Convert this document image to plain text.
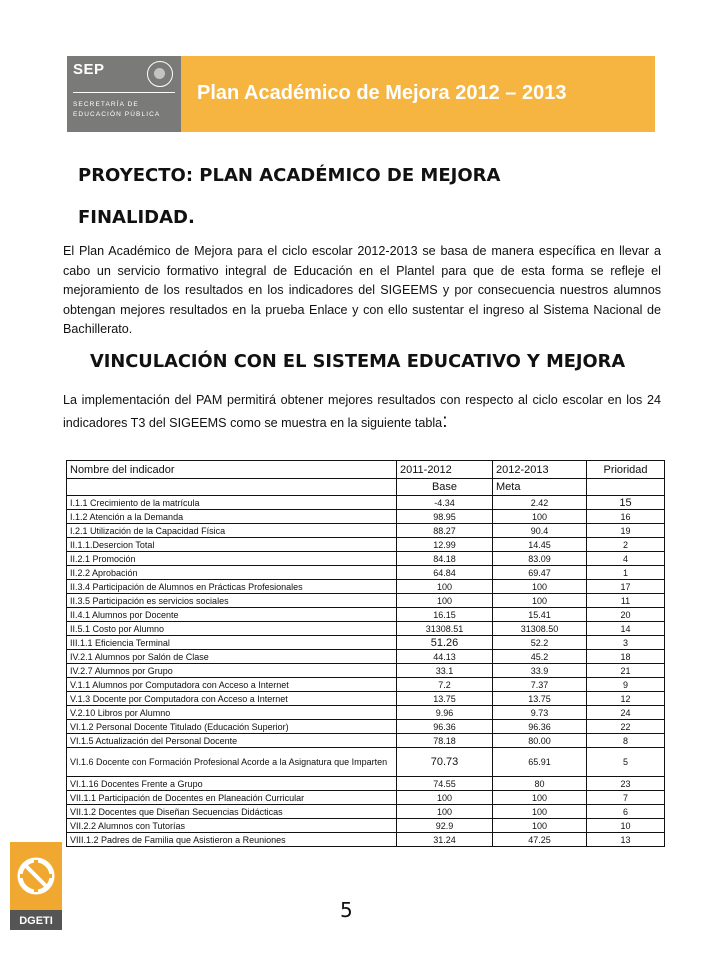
SEP
SECRETARÍA DE
EDUCACIÓN PÚBLICA
Plan Académico de Mejora 2012 – 2013
PROYECTO: PLAN ACADÉMICO DE MEJORA
FINALIDAD.
El Plan Académico de Mejora para el ciclo escolar 2012-2013 se basa de manera específica en llevar a cabo un servicio formativo integral de Educación en el Plantel para que de esta forma se refleje el mejoramiento de los resultados en los indicadores del SIGEEMS y por consecuencia nuestros alumnos obtengan mejores resultados en la prueba Enlace y con ello sustentar el ingreso al Sistema Nacional de Bachillerato.
VINCULACIÓN CON EL SISTEMA EDUCATIVO Y MEJORA
La implementación del PAM permitirá obtener mejores resultados con respecto al ciclo escolar en los 24 indicadores T3 del SIGEEMS como se muestra en la siguiente tabla:
Nombre del indicador	2011-2012	2012-2013	Prioridad
	Base	Meta	
I.1.1 Crecimiento de la matrícula	-4.34	2.42	15
I.1.2 Atención a la Demanda	98.95	100	16
I.2.1 Utilización de la Capacidad Física	88.27	90.4	19
II.1.1.Desercion Total	12.99	14.45	2
II.2.1 Promoción	84.18	83.09	4
II.2.2 Aprobación	64.84	69.47	1
II.3.4 Participación de Alumnos en Prácticas Profesionales	100	100	17
II.3.5 Participación es servicios sociales	100	100	11
II.4.1 Alumnos por Docente	16.15	15.41	20
II.5.1 Costo por Alumno	31308.51	31308.50	14
III.1.1 Eficiencia Terminal	51.26	52.2	3
IV.2.1 Alumnos por Salón de Clase	44.13	45.2	18
IV.2.7 Alumnos por Grupo	33.1	33.9	21
V.1.1 Alumnos por Computadora con Acceso a Internet	7.2	7.37	9
V.1.3 Docente por Computadora con Acceso a Internet	13.75	13.75	12
V.2.10 Libros por Alumno	9.96	9.73	24
VI.1.2 Personal Docente Titulado (Educación Superior)	96.36	96.36	22
VI.1.5 Actualización del Personal Docente	78.18	80.00	8
VI.1.6 Docente con Formación Profesional Acorde a la Asignatura que Imparten	70.73	65.91	5
VI.1.16 Docentes Frente a Grupo	74.55	80	23
VII.1.1 Participación de Docentes en Planeación Curricular	100	100	7
VII.1.2 Docentes que Diseñan Secuencias Didácticas	100	100	6
VII.2.2 Alumnos con Tutorías	92.9	100	10
VIII.1.2 Padres de Familia que Asistieron a Reuniones	31.24	47.25	13
DGETI	5
